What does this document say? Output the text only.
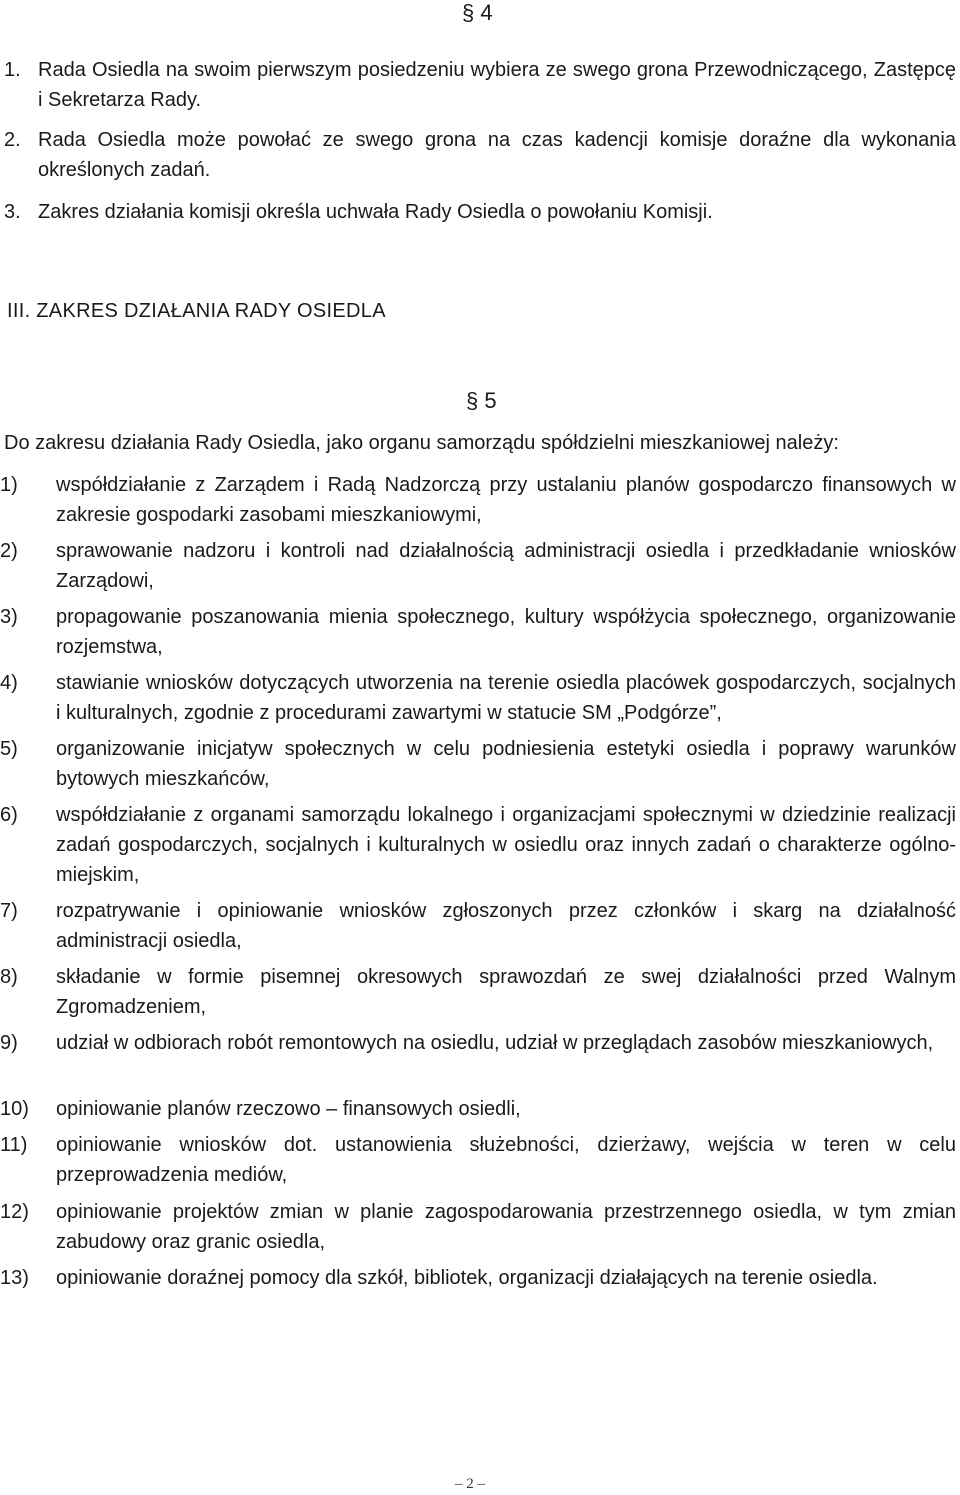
§ 4
1. Rada Osiedla na swoim pierwszym posiedzeniu wybiera ze swego grona Przewodniczącego, Zastępcę i Sekretarza Rady.
2. Rada Osiedla może powołać ze swego grona na czas kadencji komisje doraźne dla wykonania określonych zadań.
3. Zakres działania komisji określa uchwała Rady Osiedla o powołaniu Komisji.
III. ZAKRES DZIAŁANIA RADY OSIEDLA
§ 5
Do zakresu działania Rady Osiedla, jako organu samorządu spółdzielni mieszkaniowej należy:
1)	współdziałanie z Zarządem i Radą Nadzorczą przy ustalaniu planów gospodarczo finansowych w zakresie gospodarki zasobami mieszkaniowymi,
2)	sprawowanie nadzoru i kontroli nad działalnością administracji osiedla i przedkładanie wniosków Zarządowi,
3)	propagowanie poszanowania mienia społecznego, kultury współżycia społecznego, organizowanie rozjemstwa,
4)	stawianie wniosków dotyczących utworzenia na terenie osiedla placówek gospodarczych, socjalnych i kulturalnych, zgodnie z procedurami zawartymi w statucie SM „Podgórze”,
5)	organizowanie inicjatyw społecznych w celu podniesienia estetyki osiedla i poprawy warunków bytowych mieszkańców,
6)	współdziałanie z organami samorządu lokalnego i organizacjami społecznymi w dziedzinie realizacji zadań gospodarczych, socjalnych i kulturalnych w osiedlu oraz innych zadań o charakterze ogólno-miejskim,
7)	rozpatrywanie i opiniowanie wniosków zgłoszonych przez członków i skarg na działalność administracji osiedla,
8)	składanie w formie pisemnej okresowych sprawozdań ze swej działalności przed Walnym Zgromadzeniem,
9)	udział w odbiorach robót remontowych na osiedlu, udział w przeglądach zasobów mieszkaniowych,
10)	opiniowanie planów rzeczowo – finansowych osiedli,
11)	opiniowanie wniosków dot. ustanowienia służebności, dzierżawy, wejścia w teren w celu przeprowadzenia mediów,
12)	opiniowanie projektów zmian w planie zagospodarowania przestrzennego osiedla, w tym zmian zabudowy oraz granic osiedla,
13)	opiniowanie doraźnej pomocy dla szkół, bibliotek, organizacji działających na terenie osiedla.
– 2 –
